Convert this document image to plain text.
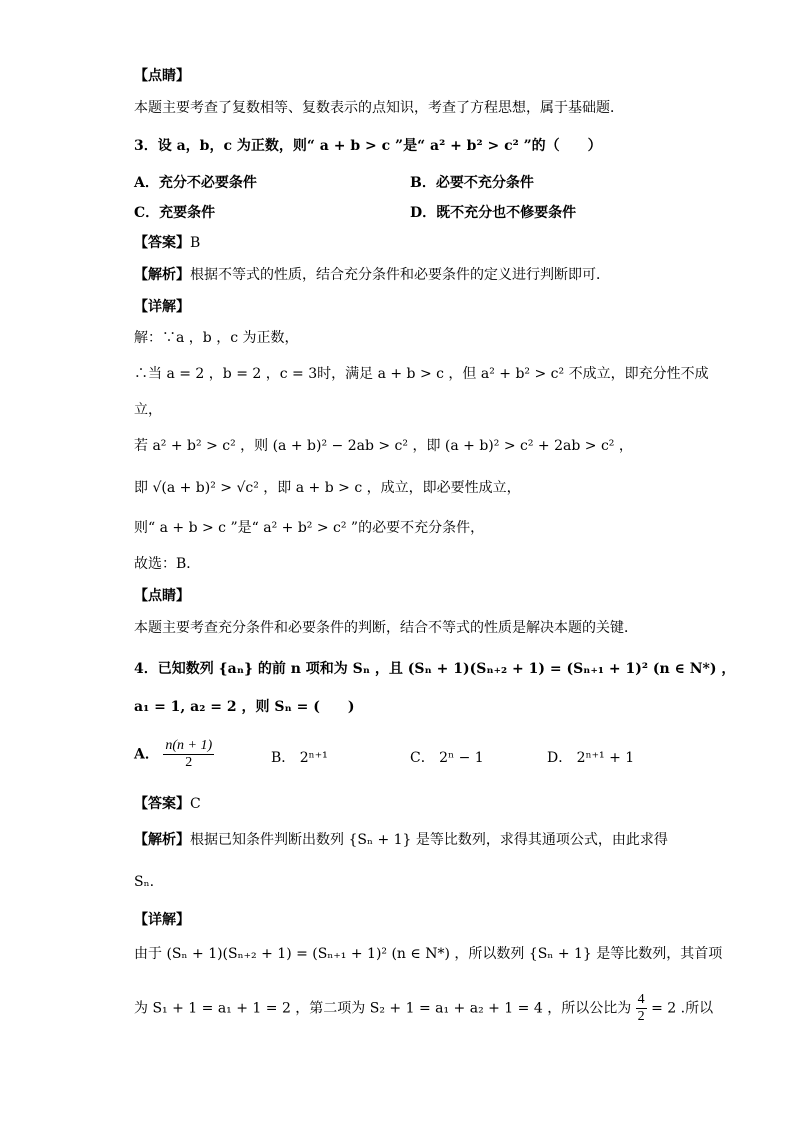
【点睛】
本题主要考查了复数相等、复数表示的点知识，考查了方程思想，属于基础题．
3．设 a，b，c 为正数，则“ a + b > c ”是“ a² + b² > c² ”的（　　）
A．充分不必要条件	B．必要不充分条件
C．充要条件	D．既不充分也不修要条件
【答案】B
【解析】根据不等式的性质，结合充分条件和必要条件的定义进行判断即可．
【详解】
解：∵a ，b ，c 为正数，
∴当 a = 2 ，b = 2 ，c = 3时，满足 a + b > c ，但 a² + b² > c² 不成立，即充分性不成
立，
若 a² + b² > c² ，则 (a + b)² − 2ab > c² ，即 (a + b)² > c² + 2ab > c² ，
即 √(a + b)² > √c² ，即 a + b > c ，成立，即必要性成立，
则“ a + b > c ”是“ a² + b² > c² ”的必要不充分条件，
故选：B．
【点睛】
本题主要考查充分条件和必要条件的判断，结合不等式的性质是解决本题的关键．
4．已知数列 {aₙ} 的前 n 项和为 Sₙ ，且 (Sₙ + 1)(Sₙ₊₂ + 1) = (Sₙ₊₁ + 1)² (n ∈ N*) ，
a₁ = 1, a₂ = 2 ，则 Sₙ = (　　)
A． $\frac{n(n + 1)}{2}$	B． 2ⁿ⁺¹	C． 2ⁿ − 1	D． 2ⁿ⁺¹ + 1
【答案】C
【解析】根据已知条件判断出数列 {Sₙ + 1} 是等比数列，求得其通项公式，由此求得
Sₙ.
【详解】
由于 (Sₙ + 1)(Sₙ₊₂ + 1) = (Sₙ₊₁ + 1)² (n ∈ N*) ，所以数列 {Sₙ + 1} 是等比数列，其首项
为 S₁ + 1 = a₁ + 1 = 2 ，第二项为 S₂ + 1 = a₁ + a₂ + 1 = 4 ，所以公比为 $\frac{4}{2} = 2$ .所以
